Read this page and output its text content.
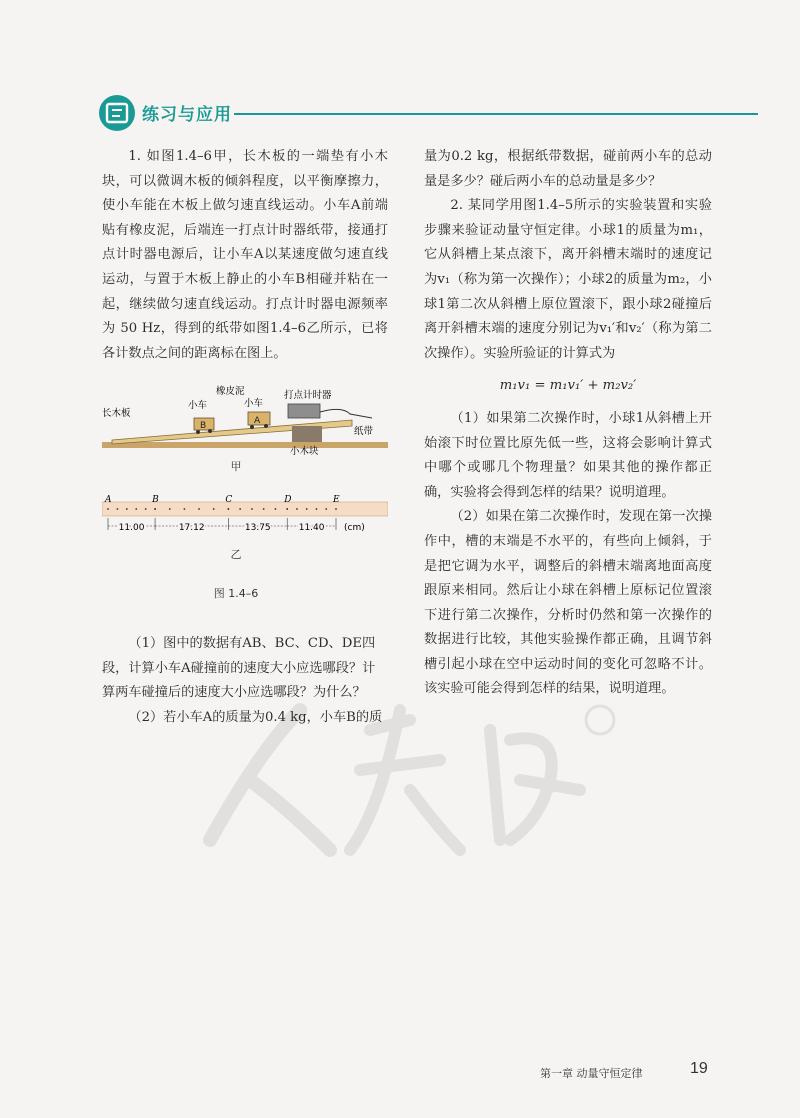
练习与应用

1. 如图1.4–6甲，长木板的一端垫有小木块，可以微调木板的倾斜程度，以平衡摩擦力，使小车能在木板上做匀速直线运动。小车A前端贴有橡皮泥，后端连一打点计时器纸带，接通打点计时器电源后，让小车A以某速度做匀速直线运动，与置于木板上静止的小车B相碰并粘在一起，继续做匀速直线运动。打点计时器电源频率为 50 Hz，得到的纸带如图1.4–6乙所示，已将各计数点之间的距离标在图上。

B	A
长木板
小车
橡皮泥
小车
打点计时器
纸带
小木块
甲
A	B	C	D	E
11.00	17.12	13.75	11.40 (cm)
乙
图 1.4–6

（1）图中的数据有AB、BC、CD、DE四段，计算小车A碰撞前的速度大小应选哪段？计算两车碰撞后的速度大小应选哪段？为什么？

（2）若小车A的质量为0.4 kg，小车B的质

量为0.2 kg，根据纸带数据，碰前两小车的总动量是多少？碰后两小车的总动量是多少？

2. 某同学用图1.4–5所示的实验装置和实验步骤来验证动量守恒定律。小球1的质量为m₁，它从斜槽上某点滚下，离开斜槽末端时的速度记为v₁（称为第一次操作）；小球2的质量为m₂，小球1第二次从斜槽上原位置滚下，跟小球2碰撞后离开斜槽末端的速度分别记为v₁′和v₂′（称为第二次操作）。实验所验证的计算式为

m₁v₁ = m₁v₁′ + m₂v₂′

（1）如果第二次操作时，小球1从斜槽上开始滚下时位置比原先低一些，这将会影响计算式中哪个或哪几个物理量？如果其他的操作都正确，实验将会得到怎样的结果？说明道理。

（2）如果在第二次操作时，发现在第一次操作中，槽的末端是不水平的，有些向上倾斜，于是把它调为水平，调整后的斜槽末端离地面高度跟原来相同。然后让小球在斜槽上原标记位置滚下进行第二次操作，分析时仍然和第一次操作的数据进行比较，其他实验操作都正确，且调节斜槽引起小球在空中运动时间的变化可忽略不计。该实验可能会得到怎样的结果，说明道理。

第一章 动量守恒定律	19
